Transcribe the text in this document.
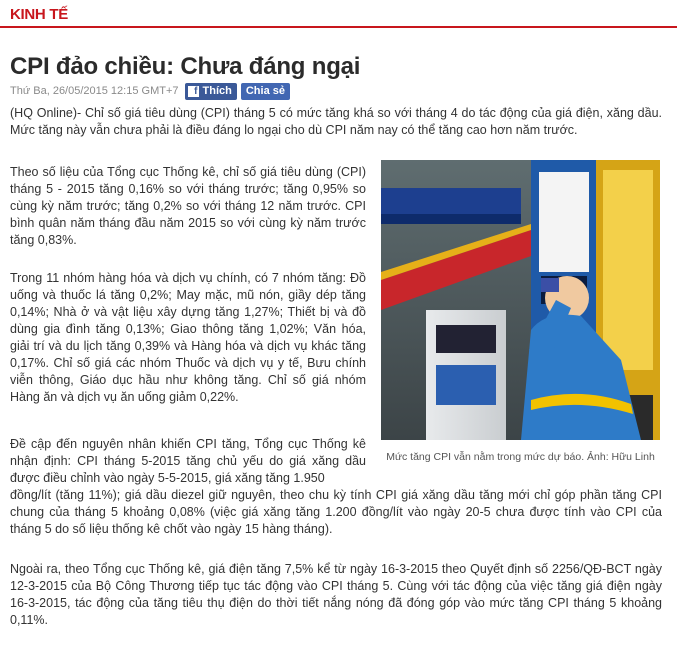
KINH TẾ
CPI đảo chiều: Chưa đáng ngại
Thứ Ba, 26/05/2015 12:15 GMT+7	f Thích	Chia sẻ

(HQ Online)- Chỉ số giá tiêu dùng (CPI) tháng 5 có mức tăng khá so với tháng 4 do tác động của giá điện, xăng dầu. Mức tăng này vẫn chưa phải là điều đáng lo ngại cho dù CPI năm nay có thể tăng cao hơn năm trước.

Theo số liệu của Tổng cục Thống kê, chỉ số giá tiêu dùng (CPI) tháng 5 - 2015 tăng 0,16% so với tháng trước; tăng 0,95% so cùng kỳ năm trước; tăng 0,2% so với tháng 12 năm trước. CPI bình quân năm tháng đầu năm 2015 so với cùng kỳ năm trước tăng 0,83%.

Trong 11 nhóm hàng hóa và dịch vụ chính, có 7 nhóm tăng: Đồ uống và thuốc lá tăng 0,2%; May mặc, mũ nón, giầy dép tăng 0,14%; Nhà ở và vật liệu xây dựng tăng 1,27%; Thiết bị và đồ dùng gia đình tăng 0,13%; Giao thông tăng 1,02%; Văn hóa, giải trí và du lịch tăng 0,39% và Hàng hóa và dịch vụ khác tăng 0,17%. Chỉ số giá các nhóm Thuốc và dịch vụ y tế, Bưu chính viễn thông, Giáo dục hầu như không tăng. Chỉ số giá nhóm Hàng ăn và dịch vụ ăn uống giảm 0,22%.

Đề cập đến nguyên nhân khiến CPI tăng, Tổng cục Thống kê nhận định: CPI tháng 5-2015 tăng chủ yếu do giá xăng dầu được điều chỉnh vào ngày 5-5-2015, giá xăng tăng 1.950

đồng/lít (tăng 11%); giá dầu diezel giữ nguyên, theo chu kỳ tính CPI giá xăng dầu tăng mới chỉ góp phần tăng CPI chung của tháng 5 khoảng 0,08% (việc giá xăng tăng 1.200 đồng/lít vào ngày 20-5 chưa được tính vào CPI của tháng 5 do số liệu thống kê chốt vào ngày 15 hàng tháng).

Ngoài ra, theo Tổng cục Thống kê, giá điện tăng 7,5% kể từ ngày 16-3-2015 theo Quyết định số 2256/QĐ-BCT ngày 12-3-2015 của Bộ Công Thương tiếp tục tác động vào CPI tháng 5. Cùng với tác động của việc tăng giá điện ngày 16-3-2015, tác động của tăng tiêu thụ điện do thời tiết nắng nóng đã đóng góp vào mức tăng CPI tháng 5 khoảng 0,11%.

Mức tăng CPI vẫn nằm trong mức dự báo. Ảnh: Hữu Linh
